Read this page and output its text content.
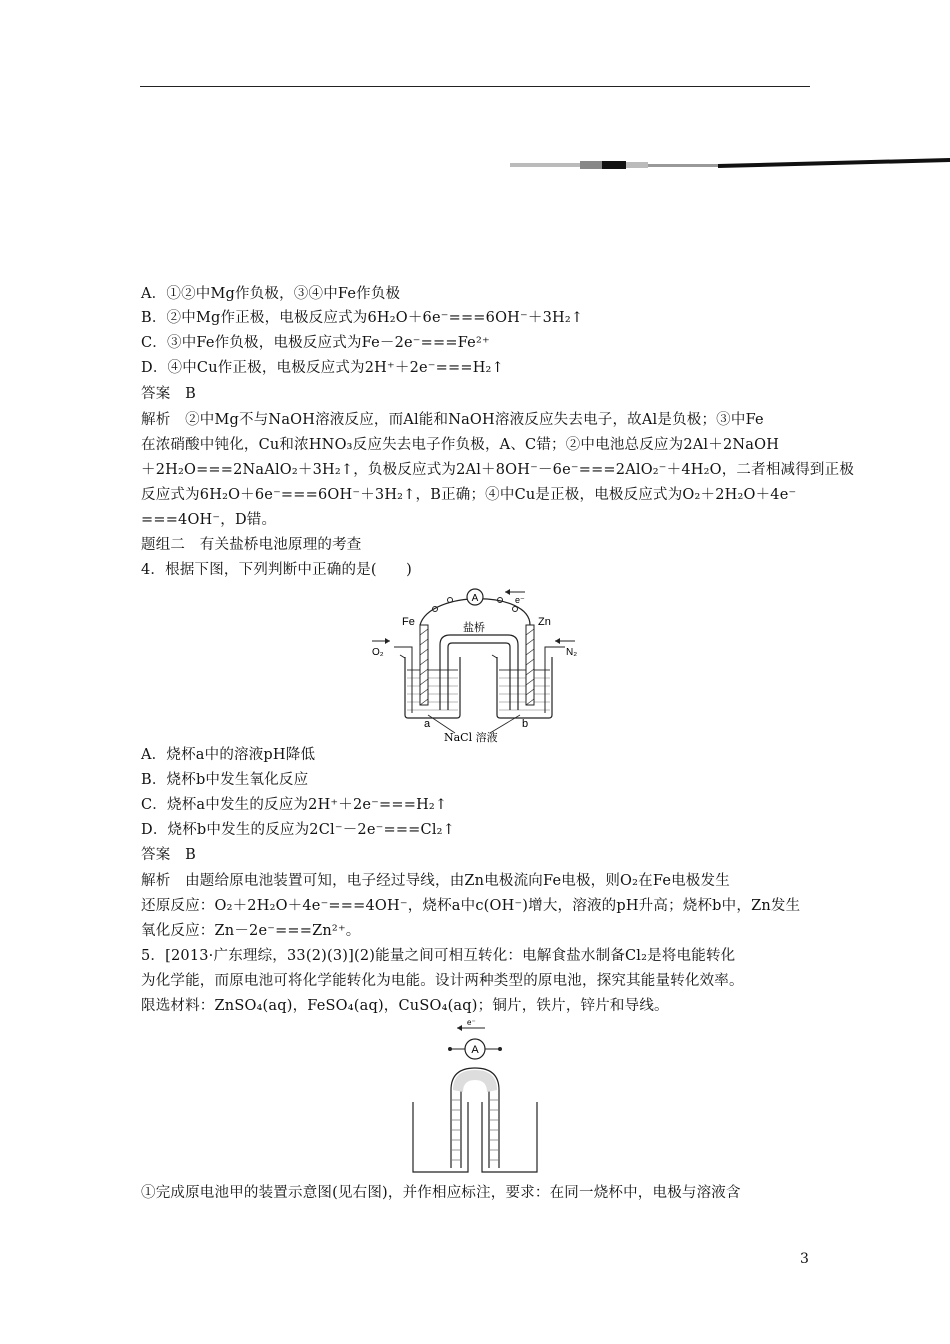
A．①②中Mg作负极，③④中Fe作负极
B．②中Mg作正极，电极反应式为6H₂O＋6e⁻===6OH⁻＋3H₂↑
C．③中Fe作负极，电极反应式为Fe－2e⁻===Fe²⁺
D．④中Cu作正极，电极反应式为2H⁺＋2e⁻===H₂↑
答案　B
解析　②中Mg不与NaOH溶液反应，而Al能和NaOH溶液反应失去电子，故Al是负极；③中Fe
在浓硝酸中钝化，Cu和浓HNO₃反应失去电子作负极，A、C错；②中电池总反应为2Al＋2NaOH
＋2H₂O===2NaAlO₂＋3H₂↑，负极反应式为2Al＋8OH⁻－6e⁻===2AlO₂⁻＋4H₂O，二者相减得到正极
反应式为6H₂O＋6e⁻===6OH⁻＋3H₂↑，B正确；④中Cu是正极，电极反应式为O₂＋2H₂O＋4e⁻
===4OH⁻，D错。
题组二　有关盐桥电池原理的考查
4．根据下图，下列判断中正确的是(　　)
A	e⁻
Fe	Zn
盐桥
O₂	N₂
a	b
NaCl 溶液
A．烧杯a中的溶液pH降低
B．烧杯b中发生氧化反应
C．烧杯a中发生的反应为2H⁺＋2e⁻===H₂↑
D．烧杯b中发生的反应为2Cl⁻－2e⁻===Cl₂↑
答案　B
解析　由题给原电池装置可知，电子经过导线，由Zn电极流向Fe电极，则O₂在Fe电极发生
还原反应：O₂＋2H₂O＋4e⁻===4OH⁻，烧杯a中c(OH⁻)增大，溶液的pH升高；烧杯b中，Zn发生
氧化反应：Zn－2e⁻===Zn²⁺。
5．[2013·广东理综，33(2)(3)](2)能量之间可相互转化：电解食盐水制备Cl₂是将电能转化
为化学能，而原电池可将化学能转化为电能。设计两种类型的原电池，探究其能量转化效率。
限选材料：ZnSO₄(aq)，FeSO₄(aq)，CuSO₄(aq)；铜片，铁片，锌片和导线。
e⁻
A
①完成原电池甲的装置示意图(见右图)，并作相应标注，要求：在同一烧杯中，电极与溶液含
3
